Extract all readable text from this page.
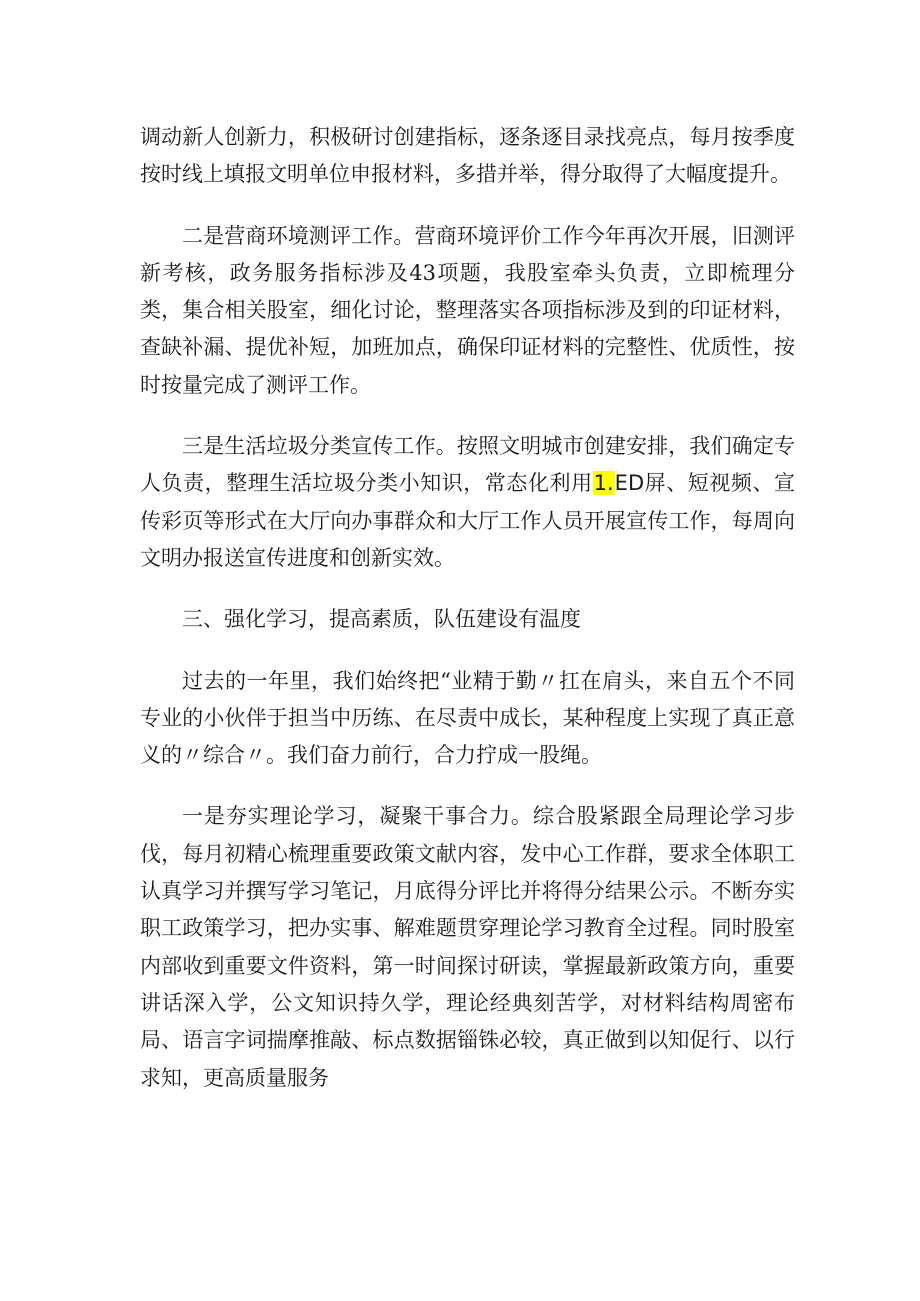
调动新人创新力，积极研讨创建指标，逐条逐目录找亮点，每月按季度按时线上填报文明单位申报材料，多措并举，得分取得了大幅度提升。

二是营商环境测评工作。营商环境评价工作今年再次开展，旧测评新考核，政务服务指标涉及43项题，我股室牵头负责，立即梳理分类，集合相关股室，细化讨论，整理落实各项指标涉及到的印证材料，查缺补漏、提优补短，加班加点，确保印证材料的完整性、优质性，按时按量完成了测评工作。

三是生活垃圾分类宣传工作。按照文明城市创建安排，我们确定专人负责，整理生活垃圾分类小知识，常态化利用1.ED屏、短视频、宣传彩页等形式在大厅向办事群众和大厅工作人员开展宣传工作，每周向文明办报送宣传进度和创新实效。

三、强化学习，提高素质，队伍建设有温度

过去的一年里，我们始终把“业精于勤〃扛在肩头，来自五个不同专业的小伙伴于担当中历练、在尽责中成长，某种程度上实现了真正意义的〃综合〃。我们奋力前行，合力拧成一股绳。

一是夯实理论学习，凝聚干事合力。综合股紧跟全局理论学习步伐，每月初精心梳理重要政策文献内容，发中心工作群，要求全体职工认真学习并撰写学习笔记，月底得分评比并将得分结果公示。不断夯实职工政策学习，把办实事、解难题贯穿理论学习教育全过程。同时股室内部收到重要文件资料，第一时间探讨研读，掌握最新政策方向，重要讲话深入学，公文知识持久学，理论经典刻苦学，对材料结构周密布局、语言字词揣摩推敲、标点数据锱铢必较，真正做到以知促行、以行求知，更高质量服务
